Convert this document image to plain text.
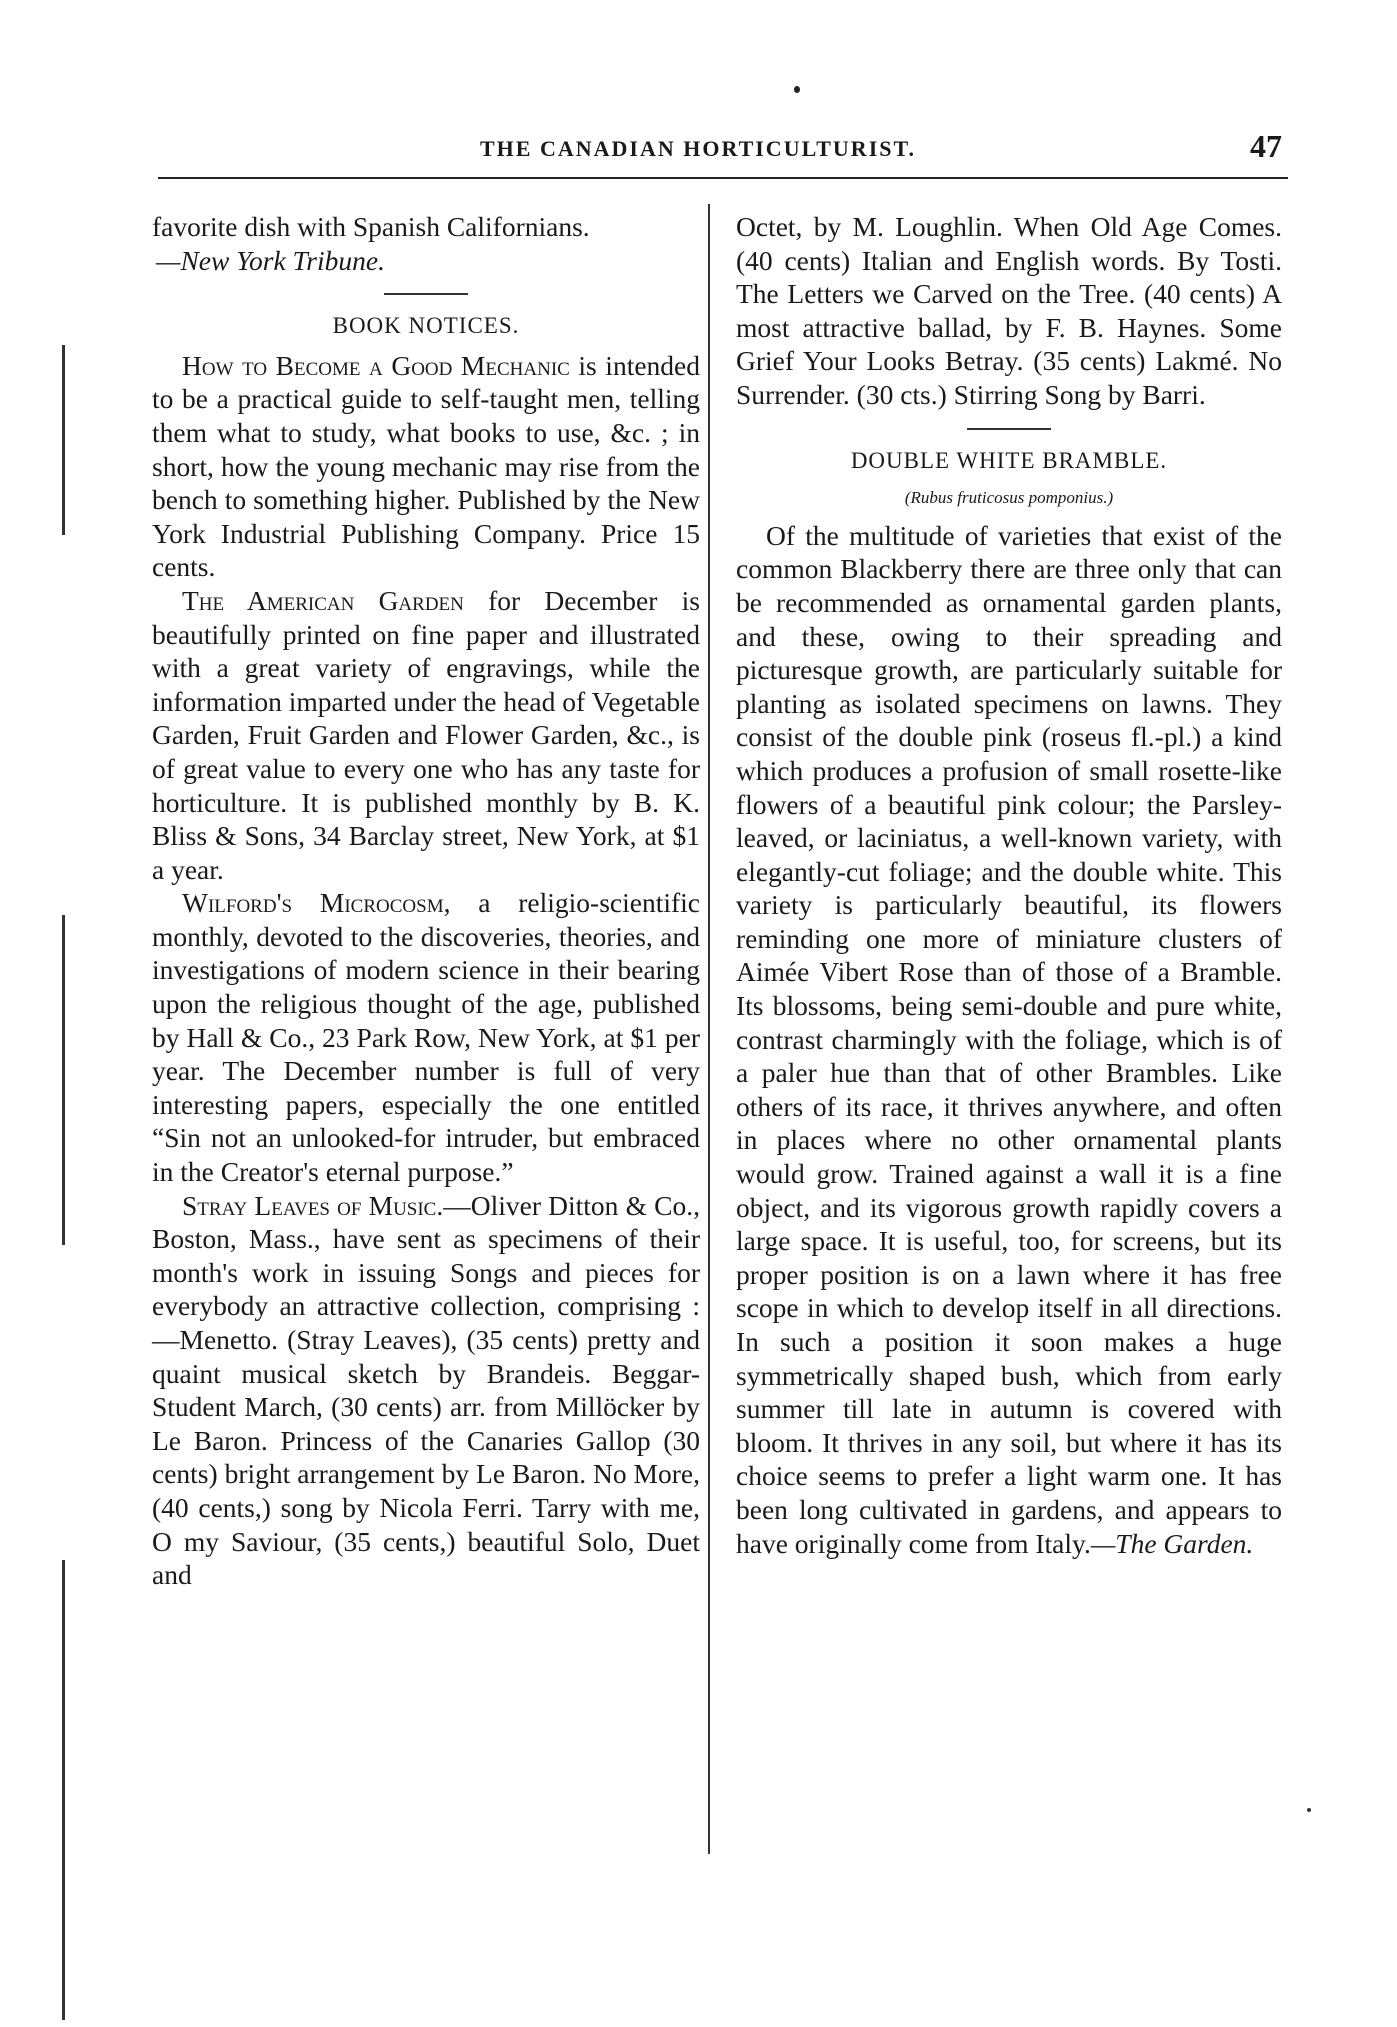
THE CANADIAN HORTICULTURIST.	47

favorite dish with Spanish Californians.
—New York Tribune.

BOOK NOTICES.

How to Become a Good Mechanic is intended to be a practical guide to self-taught men, telling them what to study, what books to use, &c. ; in short, how the young mechanic may rise from the bench to something higher. Published by the New York Industrial Publishing Company. Price 15 cents.

The American Garden for December is beautifully printed on fine paper and illustrated with a great variety of engravings, while the information imparted under the head of Vegetable Garden, Fruit Garden and Flower Garden, &c., is of great value to every one who has any taste for horticulture. It is published monthly by B. K. Bliss & Sons, 34 Barclay street, New York, at $1 a year.

Wilford's Microcosm, a religio-scientific monthly, devoted to the discoveries, theories, and investigations of modern science in their bearing upon the religious thought of the age, published by Hall & Co., 23 Park Row, New York, at $1 per year. The December number is full of very interesting papers, especially the one entitled “Sin not an unlooked-for intruder, but embraced in the Creator's eternal purpose.”

Stray Leaves of Music.—Oliver Ditton & Co., Boston, Mass., have sent as specimens of their month's work in issuing Songs and pieces for everybody an attractive collection, comprising :—Menetto. (Stray Leaves), (35 cents) pretty and quaint musical sketch by Brandeis. Beggar-Student March, (30 cents) arr. from Millöcker by Le Baron. Princess of the Canaries Gallop (30 cents) bright arrangement by Le Baron. No More, (40 cents,) song by Nicola Ferri. Tarry with me, O my Saviour, (35 cents,) beautiful Solo, Duet and

Octet, by M. Loughlin. When Old Age Comes. (40 cents) Italian and English words. By Tosti. The Letters we Carved on the Tree. (40 cents) A most attractive ballad, by F. B. Haynes. Some Grief Your Looks Betray. (35 cents) Lakmé. No Surrender. (30 cts.) Stirring Song by Barri.

DOUBLE WHITE BRAMBLE.
(Rubus fruticosus pomponius.)

Of the multitude of varieties that exist of the common Blackberry there are three only that can be recommended as ornamental garden plants, and these, owing to their spreading and picturesque growth, are particularly suitable for planting as isolated specimens on lawns. They consist of the double pink (roseus fl.-pl.) a kind which produces a profusion of small rosette-like flowers of a beautiful pink colour; the Parsley-leaved, or laciniatus, a well-known variety, with elegantly-cut foliage; and the double white. This variety is particularly beautiful, its flowers reminding one more of miniature clusters of Aimée Vibert Rose than of those of a Bramble. Its blossoms, being semi-double and pure white, contrast charmingly with the foliage, which is of a paler hue than that of other Brambles. Like others of its race, it thrives anywhere, and often in places where no other ornamental plants would grow. Trained against a wall it is a fine object, and its vigorous growth rapidly covers a large space. It is useful, too, for screens, but its proper position is on a lawn where it has free scope in which to develop itself in all directions. In such a position it soon makes a huge symmetrically shaped bush, which from early summer till late in autumn is covered with bloom. It thrives in any soil, but where it has its choice seems to prefer a light warm one. It has been long cultivated in gardens, and appears to have originally come from Italy.—The Garden.
